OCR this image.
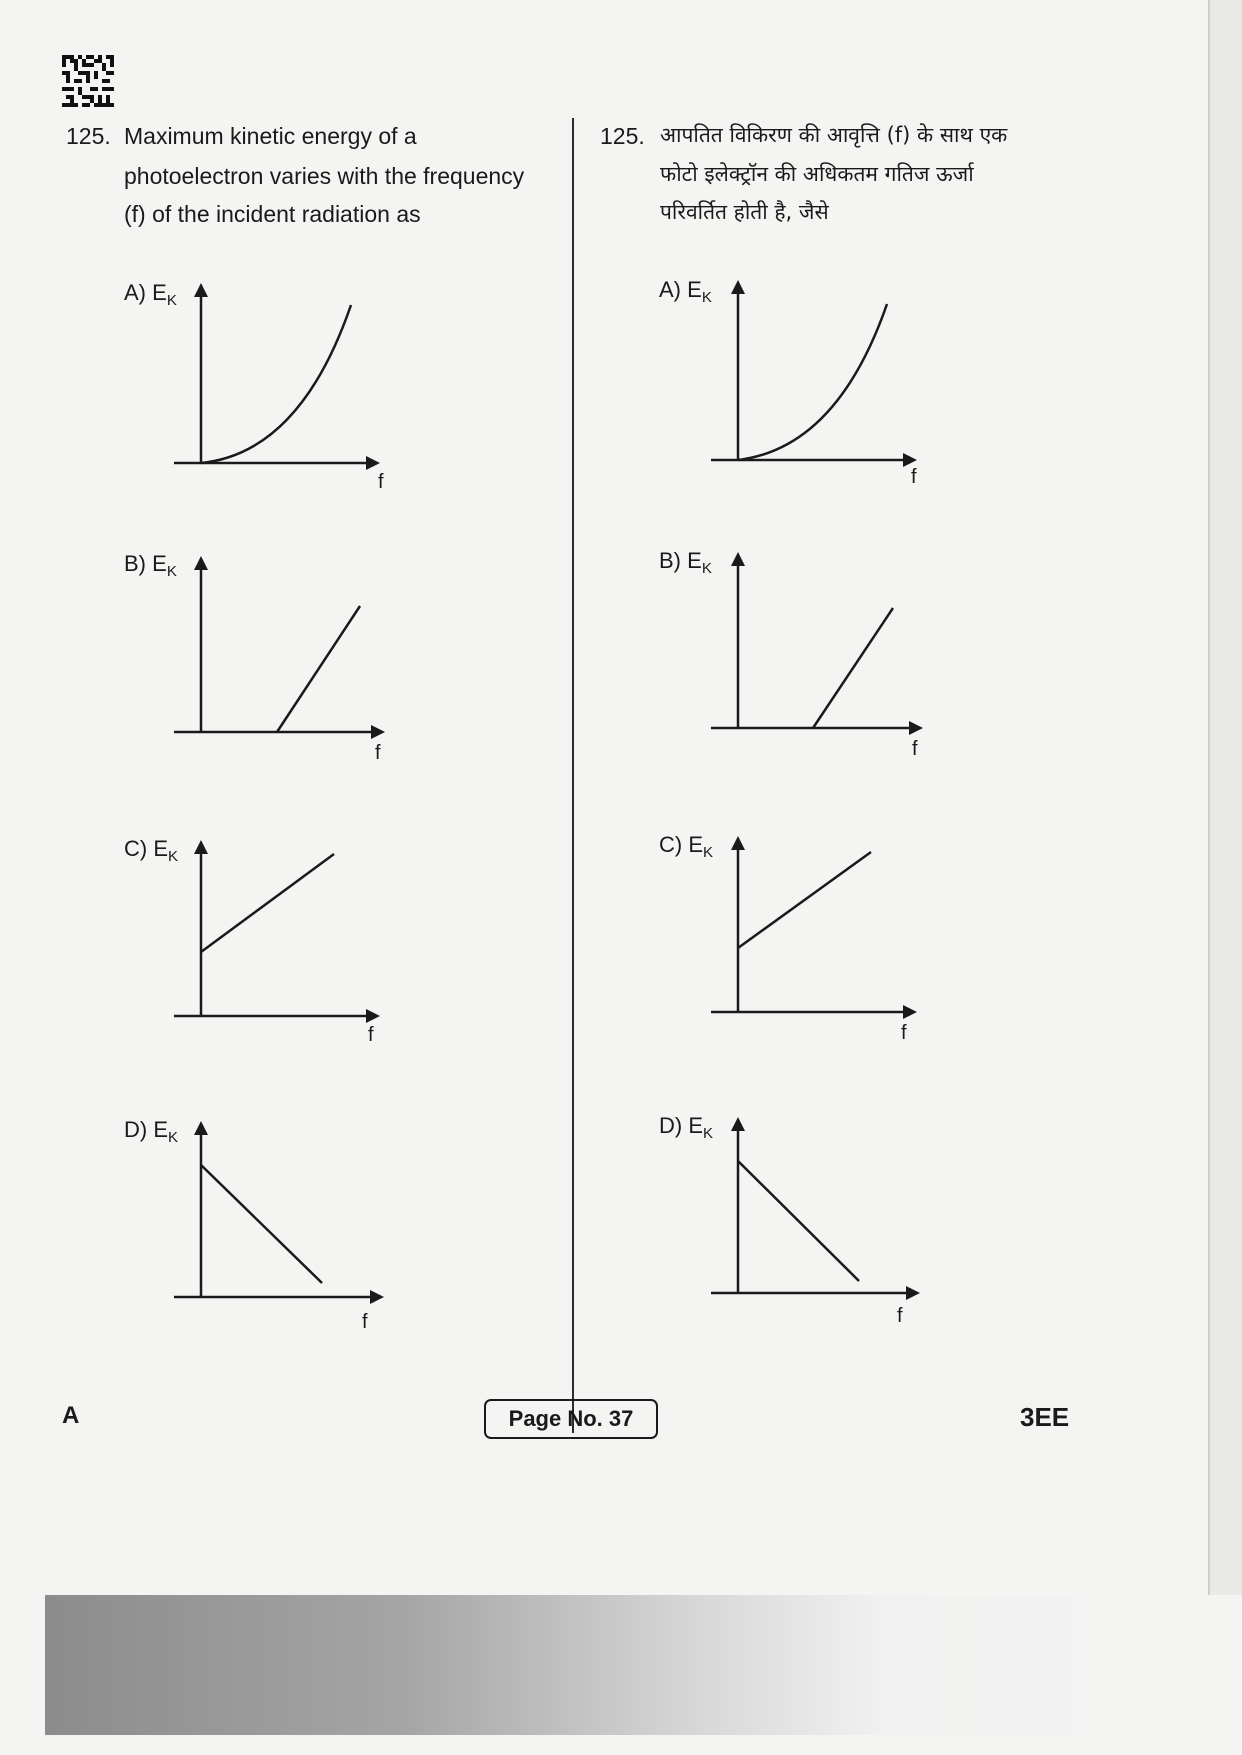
125. Maximum kinetic energy of a
photoelectron varies with the frequency
(f) of the incident radiation as
125. आपतित विकिरण की आवृत्ति (f) के साथ एक
फोटो इलेक्ट्रॉन की अधिकतम गतिज ऊर्जा
परिवर्तित होती है, जैसे
A) $E_K$
B) $E_K$
C) $E_K$
D) $E_K$
A) $E_K$
B) $E_K$
C) $E_K$
D) $E_K$
f
f
f
f
f
f
f
f
A	Page No. 37	3EE
